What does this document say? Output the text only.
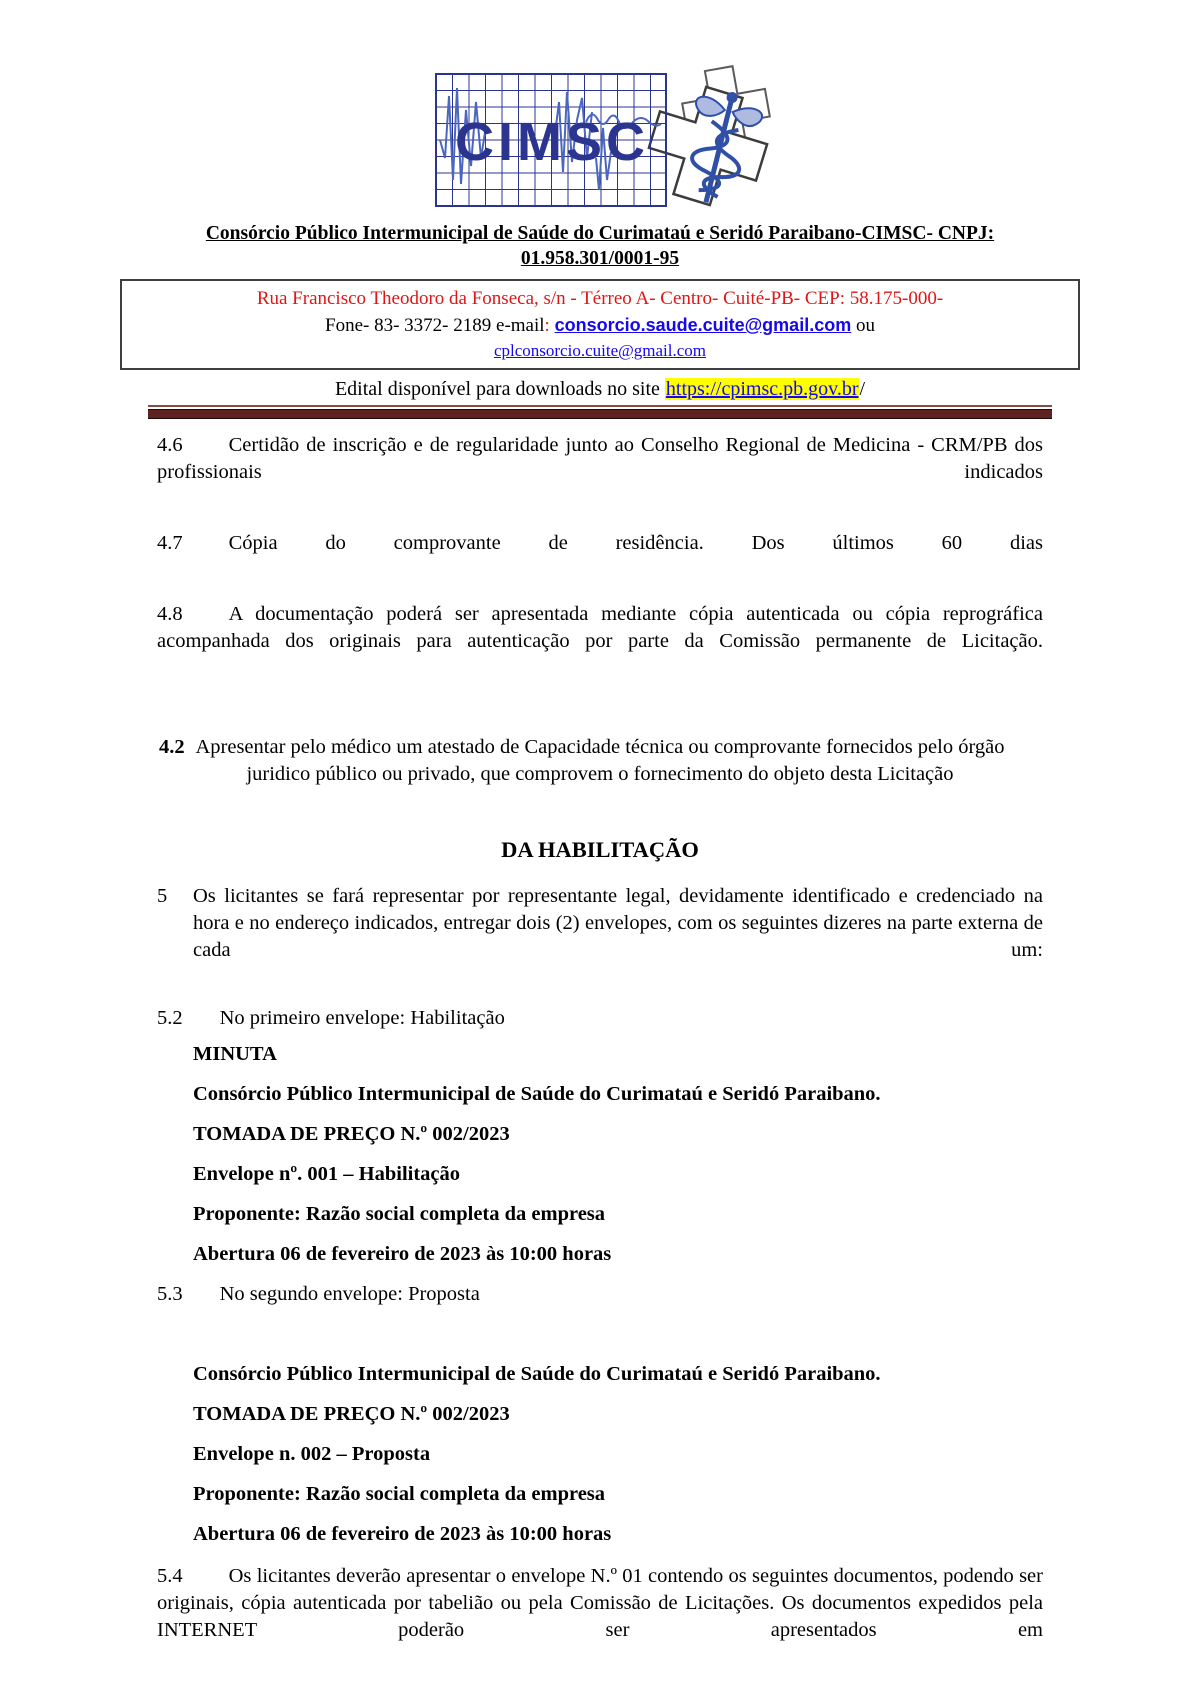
CIMSC
Consórcio Público Intermunicipal de Saúde do Curimataú e Seridó Paraibano-CIMSC- CNPJ:
01.958.301/0001-95
Rua Francisco Theodoro da Fonseca, s/n - Térreo A- Centro- Cuité-PB- CEP: 58.175-000-
Fone- 83- 3372- 2189 e-mail: consorcio.saude.cuite@gmail.com ou
cplconsorcio.cuite@gmail.com
Edital disponível para downloads no site https://cpimsc.pb.gov.br/

4.6 Certidão de inscrição e de regularidade junto ao Conselho Regional de Medicina - CRM/PB dos profissionais indicados

4.7 Cópia do comprovante de residência. Dos últimos 60 dias

4.8 A documentação poderá ser apresentada mediante cópia autenticada ou cópia reprográfica acompanhada dos originais para autenticação por parte da Comissão permanente de Licitação.

4.2 Apresentar pelo médico um atestado de Capacidade técnica ou comprovante fornecidos pelo órgão juridico público ou privado, que comprovem o fornecimento do objeto desta Licitação

DA HABILITAÇÃO

5 Os licitantes se fará representar por representante legal, devidamente identificado e credenciado na hora e no endereço indicados, entregar dois (2) envelopes, com os seguintes dizeres na parte externa de cada um:

5.2 No primeiro envelope: Habilitação

MINUTA

Consórcio Público Intermunicipal de Saúde do Curimataú e Seridó Paraibano.

TOMADA DE PREÇO N.º 002/2023

Envelope nº. 001 – Habilitação

Proponente: Razão social completa da empresa

Abertura 06 de fevereiro de 2023 às 10:00 horas

5.3 No segundo envelope: Proposta

Consórcio Público Intermunicipal de Saúde do Curimataú e Seridó Paraibano.

TOMADA DE PREÇO N.º 002/2023

Envelope n. 002 – Proposta

Proponente: Razão social completa da empresa

Abertura 06 de fevereiro de 2023 às 10:00 horas

5.4 Os licitantes deverão apresentar o envelope N.º 01 contendo os seguintes documentos, podendo ser originais, cópia autenticada por tabelião ou pela Comissão de Licitações. Os documentos expedidos pela INTERNET poderão ser apresentados em
